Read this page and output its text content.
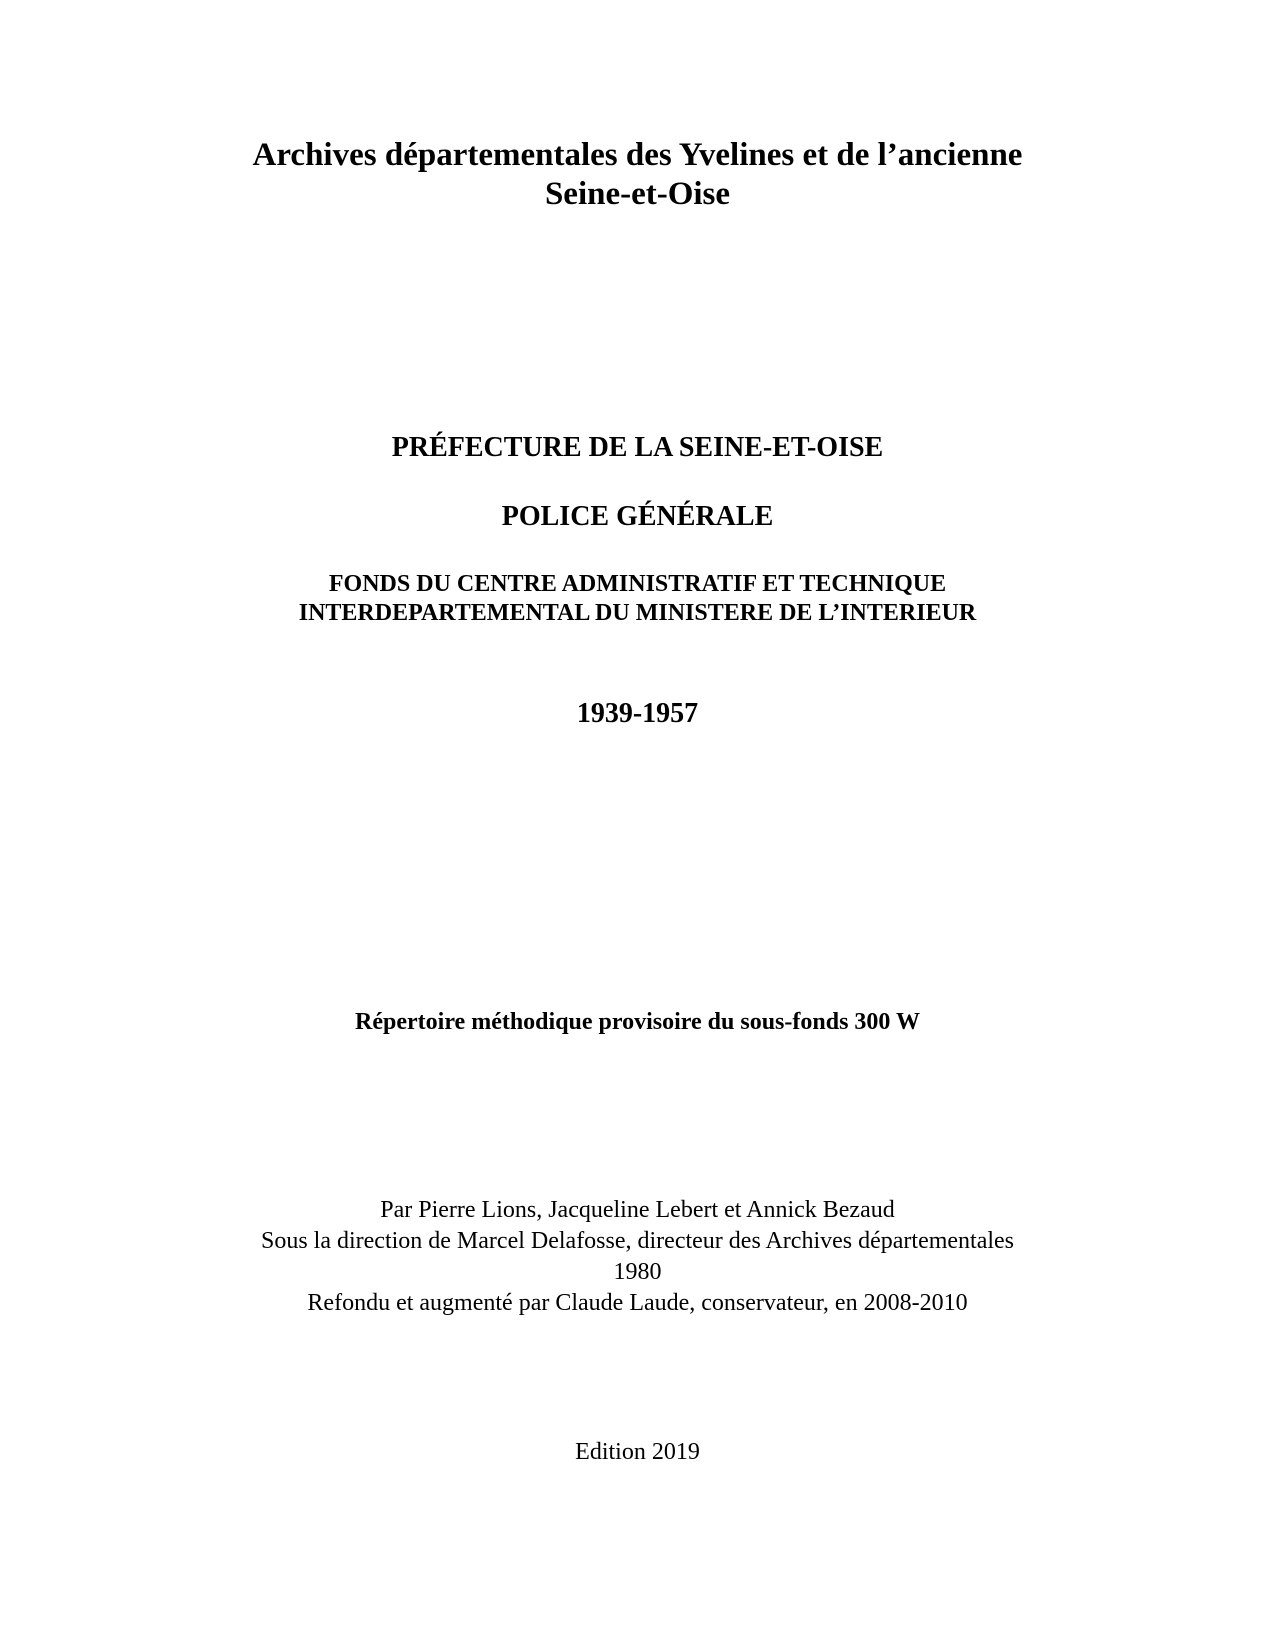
Archives départementales des Yvelines et de l’ancienne
Seine-et-Oise
PRÉFECTURE DE LA SEINE-ET-OISE
POLICE GÉNÉRALE
FONDS DU CENTRE ADMINISTRATIF ET TECHNIQUE
INTERDEPARTEMENTAL DU MINISTERE DE L’INTERIEUR
1939-1957

Répertoire méthodique provisoire du sous-fonds 300 W

Par Pierre Lions, Jacqueline Lebert et Annick Bezaud
Sous la direction de Marcel Delafosse, directeur des Archives départementales
1980
Refondu et augmenté par Claude Laude, conservateur, en 2008-2010

Edition 2019
